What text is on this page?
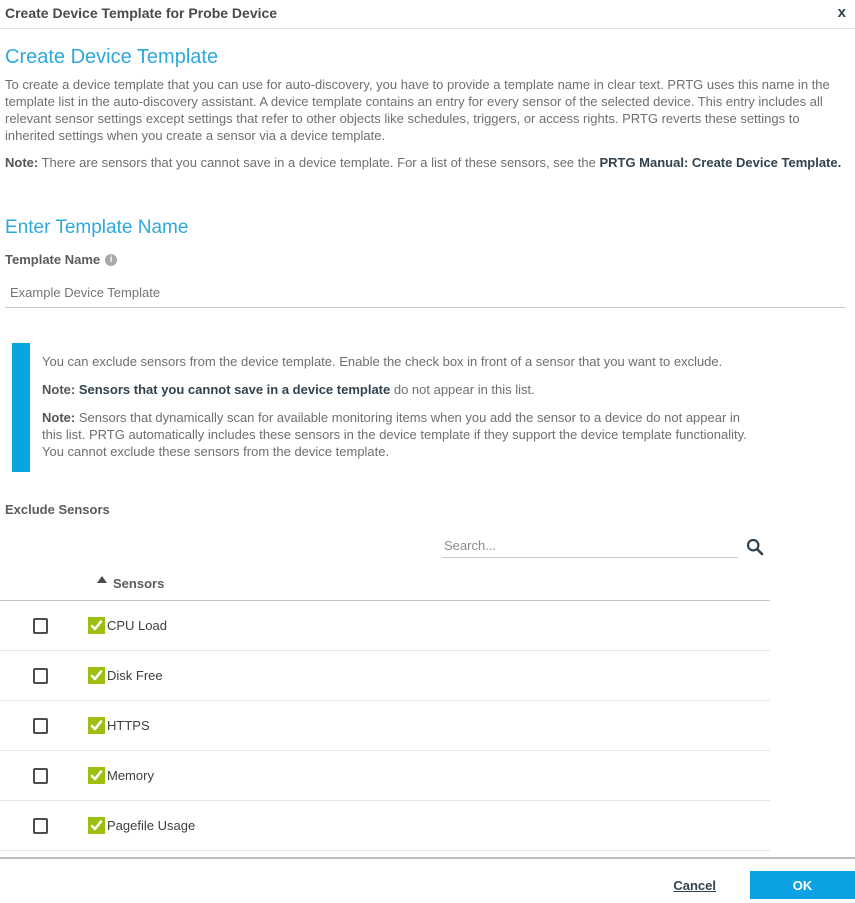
Create Device Template for Probe Device	x
Create Device Template

To create a device template that you can use for auto-discovery, you have to provide a template name in clear text. PRTG uses this name in the template list in the auto-discovery assistant. A device template contains an entry for every sensor of the selected device. This entry includes all relevant sensor settings except settings that refer to other objects like schedules, triggers, or access rights. PRTG reverts these settings to inherited settings when you create a sensor via a device template.

Note: There are sensors that you cannot save in a device template. For a list of these sensors, see the PRTG Manual: Create Device Template.

Enter Template Name
Template Name	i
Example Device Template

You can exclude sensors from the device template. Enable the check box in front of a sensor that you want to exclude.

Note: Sensors that you cannot save in a device template do not appear in this list.

Note: Sensors that dynamically scan for available monitoring items when you add the sensor to a device do not appear in this list. PRTG automatically includes these sensors in the device template if they support the device template functionality. You cannot exclude these sensors from the device template.

Exclude Sensors
Search...
Sensors
CPU Load
Disk Free
HTTPS
Memory
Pagefile Usage
Cancel	OK
